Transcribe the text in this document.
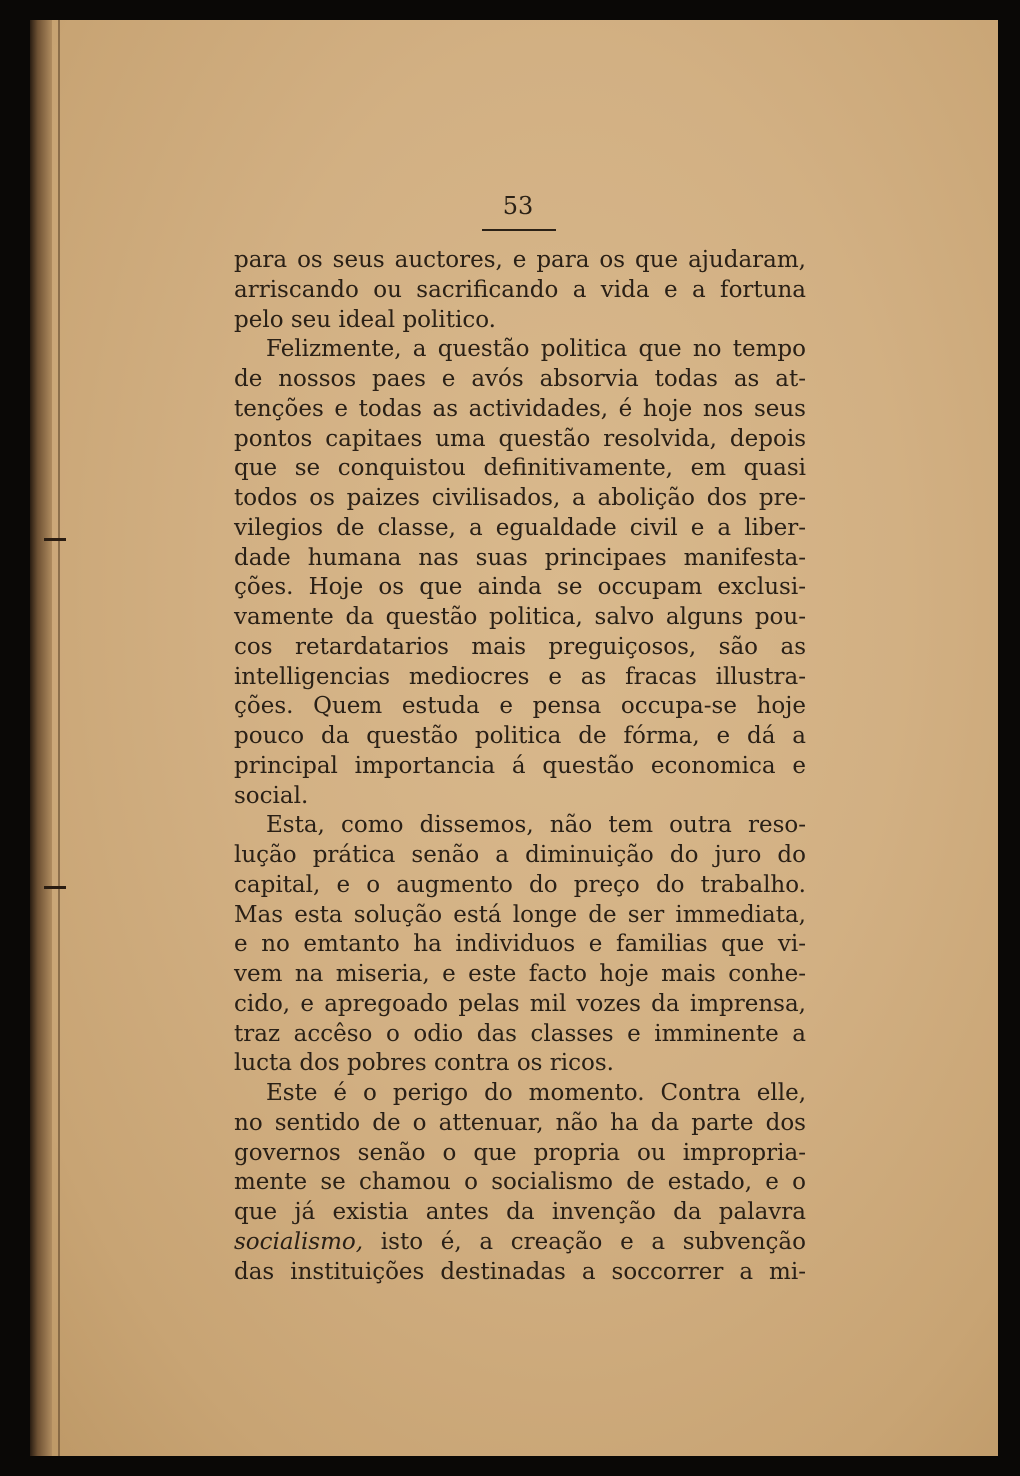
53
para os seus auctores, e para os que ajudaram,
arriscando ou sacrificando a vida e a fortuna
pelo seu ideal politico.
Felizmente, a questão politica que no tempo
de nossos paes e avós absorvia todas as at-
tenções e todas as actividades, é hoje nos seus
pontos capitaes uma questão resolvida, depois
que se conquistou definitivamente, em quasi
todos os paizes civilisados, a abolição dos pre-
vilegios de classe, a egualdade civil e a liber-
dade humana nas suas principaes manifesta-
ções. Hoje os que ainda se occupam exclusi-
vamente da questão politica, salvo alguns pou-
cos retardatarios mais preguiçosos, são as
intelligencias mediocres e as fracas illustra-
ções. Quem estuda e pensa occupa-se hoje
pouco da questão politica de fórma, e dá a
principal importancia á questão economica e
social.
Esta, como dissemos, não tem outra reso-
lução prática senão a diminuição do juro do
capital, e o augmento do preço do trabalho.
Mas esta solução está longe de ser immediata,
e no emtanto ha individuos e familias que vi-
vem na miseria, e este facto hoje mais conhe-
cido, e apregoado pelas mil vozes da imprensa,
traz accêso o odio das classes e imminente a
lucta dos pobres contra os ricos.
Este é o perigo do momento. Contra elle,
no sentido de o attenuar, não ha da parte dos
governos senão o que propria ou impropria-
mente se chamou o socialismo de estado, e o
que já existia antes da invenção da palavra
socialismo, isto é, a creação e a subvenção
das instituições destinadas a soccorrer a mi-
